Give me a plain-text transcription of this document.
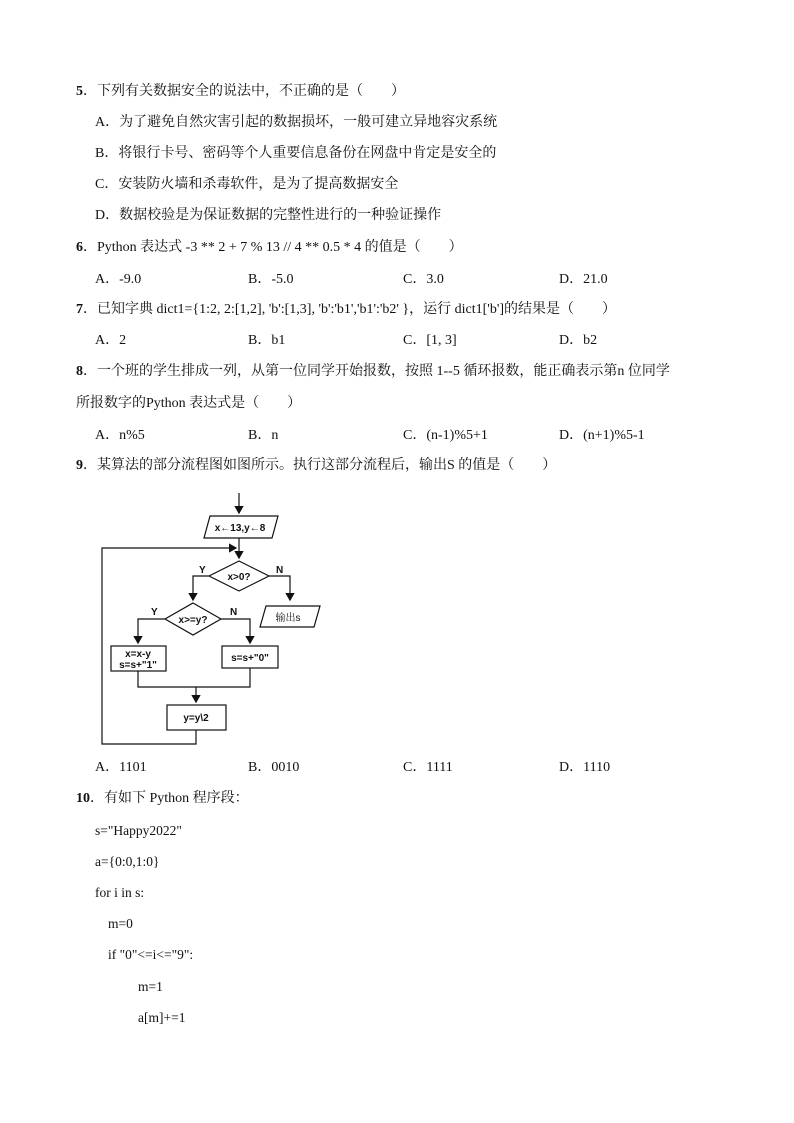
5．下列有关数据安全的说法中，不正确的是（　　）
A．为了避免自然灾害引起的数据损坏，一般可建立异地容灾系统
B．将银行卡号、密码等个人重要信息备份在网盘中肯定是安全的
C．安装防火墙和杀毒软件，是为了提高数据安全
D．数据校验是为保证数据的完整性进行的一种验证操作
6．Python 表达式 -3 ** 2 + 7 % 13 // 4 ** 0.5 * 4 的值是（　　）
A．-9.0	B．-5.0	C．3.0	D．21.0
7．已知字典 dict1={1:2, 2:[1,2], 'b':[1,3], 'b':'b1','b1':'b2' }，运行 dict1['b']的结果是（　　）
A．2	B．b1	C．[1, 3]	D．b2
8．一个班的学生排成一列，从第一位同学开始报数，按照 1--5 循环报数，能正确表示第n 位同学
所报数字的Python 表达式是（　　）
A．n%5	B．n	C．(n-1)%5+1	D．(n+1)%5-1
9．某算法的部分流程图如图所示。执行这部分流程后，输出S 的值是（　　）
x←13,y←8
x>0?
Y	N
输出s
x>=y?
Y	N
x=x-y
s=s+"1"
s=s+"0"
y=y\2
A．1101	B．0010	C．1111	D．1110
10．有如下 Python 程序段：
s="Happy2022"
a={0:0,1:0}
for i in s:
m=0
if "0"<=i<="9":
m=1
a[m]+=1
